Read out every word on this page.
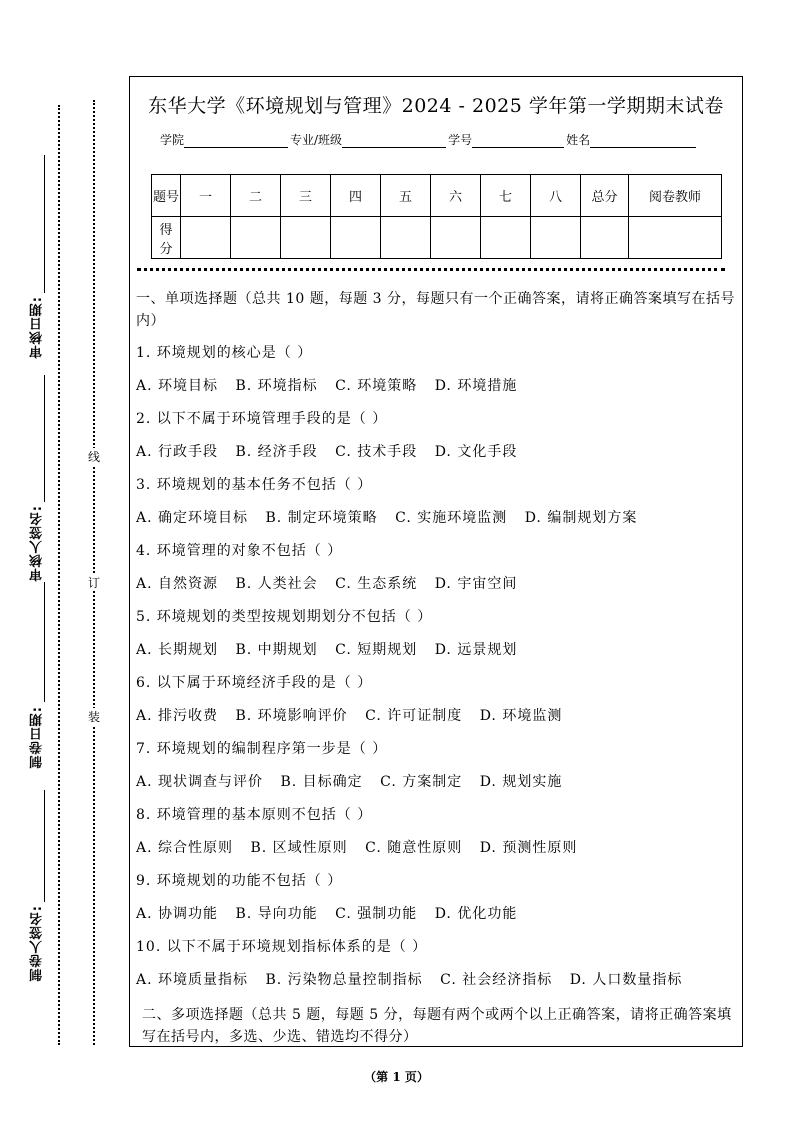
审核日期:
审核人签名:
制卷日期:
制卷人签名:
线
订
装
东华大学《环境规划与管理》2024 - 2025 学年第一学期期末试卷
学院	专业/班级	学号	姓名
题号	一	二	三	四	五	六	七	八	总分	阅卷教师
得分										
一、单项选择题（总共 10 题，每题 3 分，每题只有一个正确答案，请将正确答案填写在括号内）
1. 环境规划的核心是（ ）
A. 环境目标 B. 环境指标 C. 环境策略 D. 环境措施
2. 以下不属于环境管理手段的是（ ）
A. 行政手段 B. 经济手段 C. 技术手段 D. 文化手段
3. 环境规划的基本任务不包括（ ）
A. 确定环境目标 B. 制定环境策略 C. 实施环境监测 D. 编制规划方案
4. 环境管理的对象不包括（ ）
A. 自然资源 B. 人类社会 C. 生态系统 D. 宇宙空间
5. 环境规划的类型按规划期划分不包括（ ）
A. 长期规划 B. 中期规划 C. 短期规划 D. 远景规划
6. 以下属于环境经济手段的是（ ）
A. 排污收费 B. 环境影响评价 C. 许可证制度 D. 环境监测
7. 环境规划的编制程序第一步是（ ）
A. 现状调查与评价 B. 目标确定 C. 方案制定 D. 规划实施
8. 环境管理的基本原则不包括（ ）
A. 综合性原则 B. 区域性原则 C. 随意性原则 D. 预测性原则
9. 环境规划的功能不包括（ ）
A. 协调功能 B. 导向功能 C. 强制功能 D. 优化功能
10. 以下不属于环境规划指标体系的是（ ）
A. 环境质量指标 B. 污染物总量控制指标 C. 社会经济指标 D. 人口数量指标
二、多项选择题（总共 5 题，每题 5 分，每题有两个或两个以上正确答案，请将正确答案填写在括号内，多选、少选、错选均不得分）
（第 1 页）
